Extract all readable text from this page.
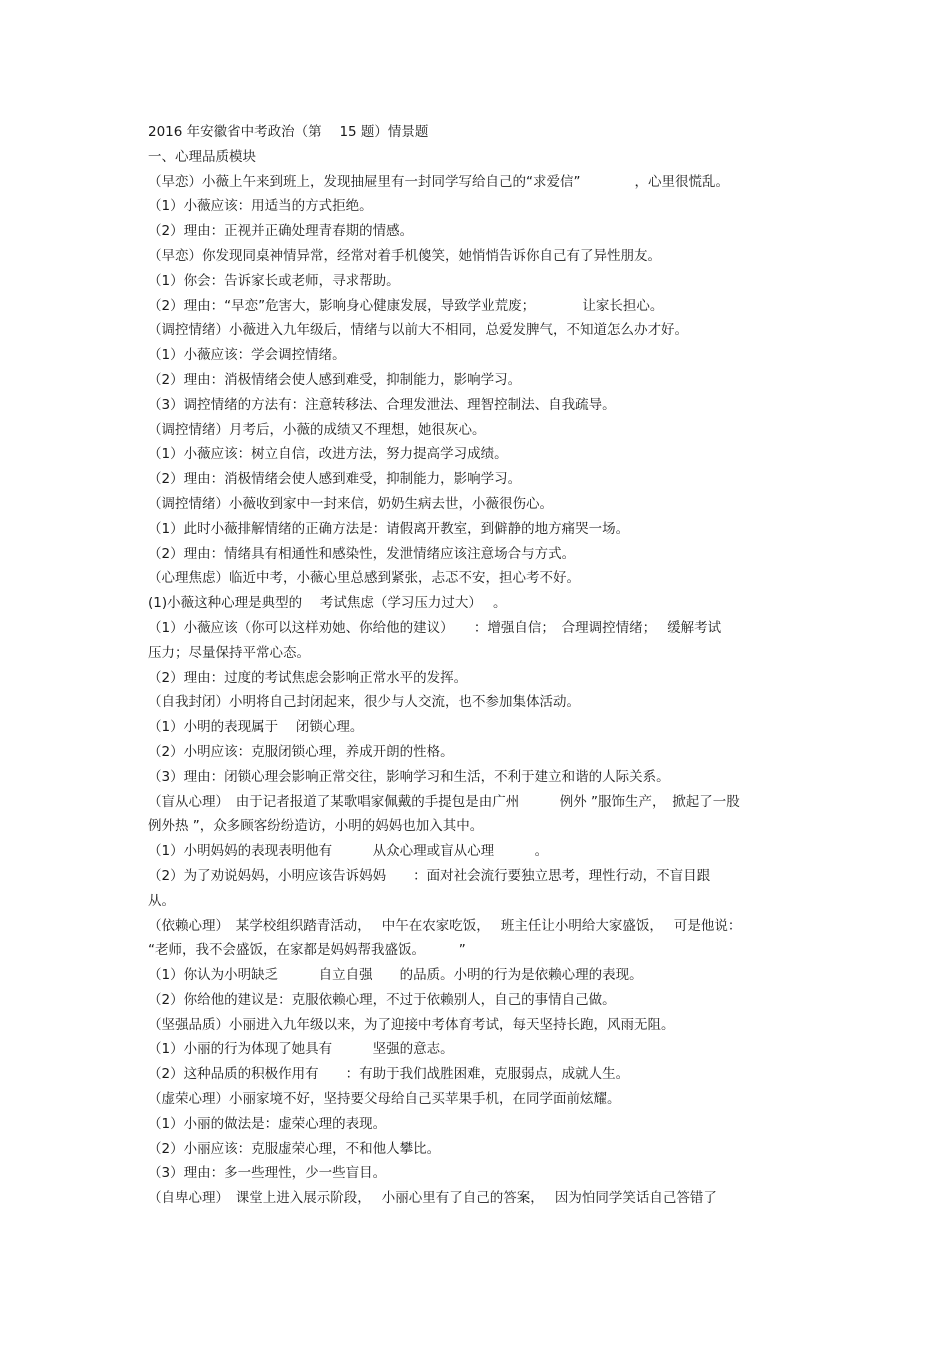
2016 年安徽省中考政治（第　 15 题）情景题
一、心理品质模块
（早恋）小薇上午来到班上，发现抽屉里有一封同学写给自己的“求爱信”　　　　，心里很慌乱。
（1）小薇应该：用适当的方式拒绝。
（2）理由：正视并正确处理青春期的情感。
（早恋）你发现同桌神情异常，经常对着手机傻笑，她悄悄告诉你自己有了异性朋友。
（1）你会：告诉家长或老师，寻求帮助。
（2）理由：“早恋”危害大，影响身心健康发展，导致学业荒废；　　　　让家长担心。
（调控情绪）小薇进入九年级后，情绪与以前大不相同，总爱发脾气，不知道怎么办才好。
（1）小薇应该：学会调控情绪。
（2）理由：消极情绪会使人感到难受，抑制能力，影响学习。
（3）调控情绪的方法有：注意转移法、合理发泄法、理智控制法、自我疏导。
（调控情绪）月考后，小薇的成绩又不理想，她很灰心。
（1）小薇应该：树立自信，改进方法，努力提高学习成绩。
（2）理由：消极情绪会使人感到难受，抑制能力，影响学习。
（调控情绪）小薇收到家中一封来信，奶奶生病去世，小薇很伤心。
（1）此时小薇排解情绪的正确方法是：请假离开教室，到僻静的地方痛哭一场。
（2）理由：情绪具有相通性和感染性，发泄情绪应该注意场合与方式。
（心理焦虑）临近中考，小薇心里总感到紧张，忐忑不安，担心考不好。
(1)小薇这种心理是典型的　 考试焦虑（学习压力过大）　 。
（1）小薇应该（你可以这样劝她、你给他的建议）　　：增强自信；　合理调控情绪；　 缓解考试
压力；尽量保持平常心态。
（2）理由：过度的考试焦虑会影响正常水平的发挥。
（自我封闭）小明将自己封闭起来，很少与人交流，也不参加集体活动。
（1）小明的表现属于　 闭锁心理。
（2）小明应该：克服闭锁心理，养成开朗的性格。
（3）理由：闭锁心理会影响正常交往，影响学习和生活，不利于建立和谐的人际关系。
（盲从心理）　由于记者报道了某歌唱家佩戴的手提包是由广州　　　例外 ”服饰生产，　掀起了一股
例外热 ”，众多顾客纷纷造访，小明的妈妈也加入其中。
（1）小明妈妈的表现表明他有　　　从众心理或盲从心理　　　。
（2）为了劝说妈妈，小明应该告诉妈妈　　：面对社会流行要独立思考，理性行动，不盲目跟
从。
（依赖心理）　某学校组织踏青活动，　 中午在农家吃饭，　 班主任让小明给大家盛饭，　 可是他说：
“老师，我不会盛饭，在家都是妈妈帮我盛饭。　　　”
（1）你认为小明缺乏　　　自立自强　　的品质。小明的行为是依赖心理的表现。
（2）你给他的建议是：克服依赖心理，不过于依赖别人，自己的事情自己做。
（坚强品质）小丽进入九年级以来，为了迎接中考体育考试，每天坚持长跑，风雨无阻。
（1）小丽的行为体现了她具有　　　坚强的意志。
（2）这种品质的积极作用有　　：有助于我们战胜困难，克服弱点，成就人生。
（虚荣心理）小丽家境不好，坚持要父母给自己买苹果手机，在同学面前炫耀。
（1）小丽的做法是：虚荣心理的表现。
（2）小丽应该：克服虚荣心理，不和他人攀比。
（3）理由：多一些理性，少一些盲目。
（自卑心理）　课堂上进入展示阶段，　 小丽心里有了自己的答案，　 因为怕同学笑话自己答错了
